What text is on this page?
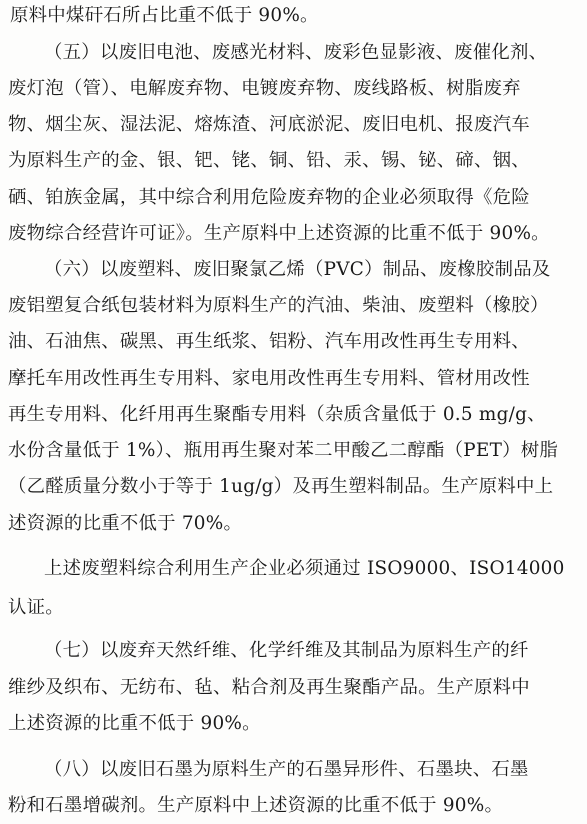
原料中煤矸石所占比重不低于 90%。
（五）以废旧电池、废感光材料、废彩色显影液、废催化剂、
废灯泡（管）、电解废弃物、电镀废弃物、废线路板、树脂废弃
物、烟尘灰、湿法泥、熔炼渣、河底淤泥、废旧电机、报废汽车
为原料生产的金、银、钯、铑、铜、铅、汞、锡、铋、碲、铟、
硒、铂族金属，其中综合利用危险废弃物的企业必须取得《危险
废物综合经营许可证》。生产原料中上述资源的比重不低于 90%。
（六）以废塑料、废旧聚氯乙烯（PVC）制品、废橡胶制品及
废铝塑复合纸包装材料为原料生产的汽油、柴油、废塑料（橡胶）
油、石油焦、碳黑、再生纸浆、铝粉、汽车用改性再生专用料、
摩托车用改性再生专用料、家电用改性再生专用料、管材用改性
再生专用料、化纤用再生聚酯专用料（杂质含量低于 0.5 mg/g、
水份含量低于 1%）、瓶用再生聚对苯二甲酸乙二醇酯（PET）树脂
（乙醛质量分数小于等于 1ug/g）及再生塑料制品。生产原料中上
述资源的比重不低于 70%。
上述废塑料综合利用生产企业必须通过 ISO9000、ISO14000
认证。
（七）以废弃天然纤维、化学纤维及其制品为原料生产的纤
维纱及织布、无纺布、毡、粘合剂及再生聚酯产品。生产原料中
上述资源的比重不低于 90%。
（八）以废旧石墨为原料生产的石墨异形件、石墨块、石墨
粉和石墨增碳剂。生产原料中上述资源的比重不低于 90%。
